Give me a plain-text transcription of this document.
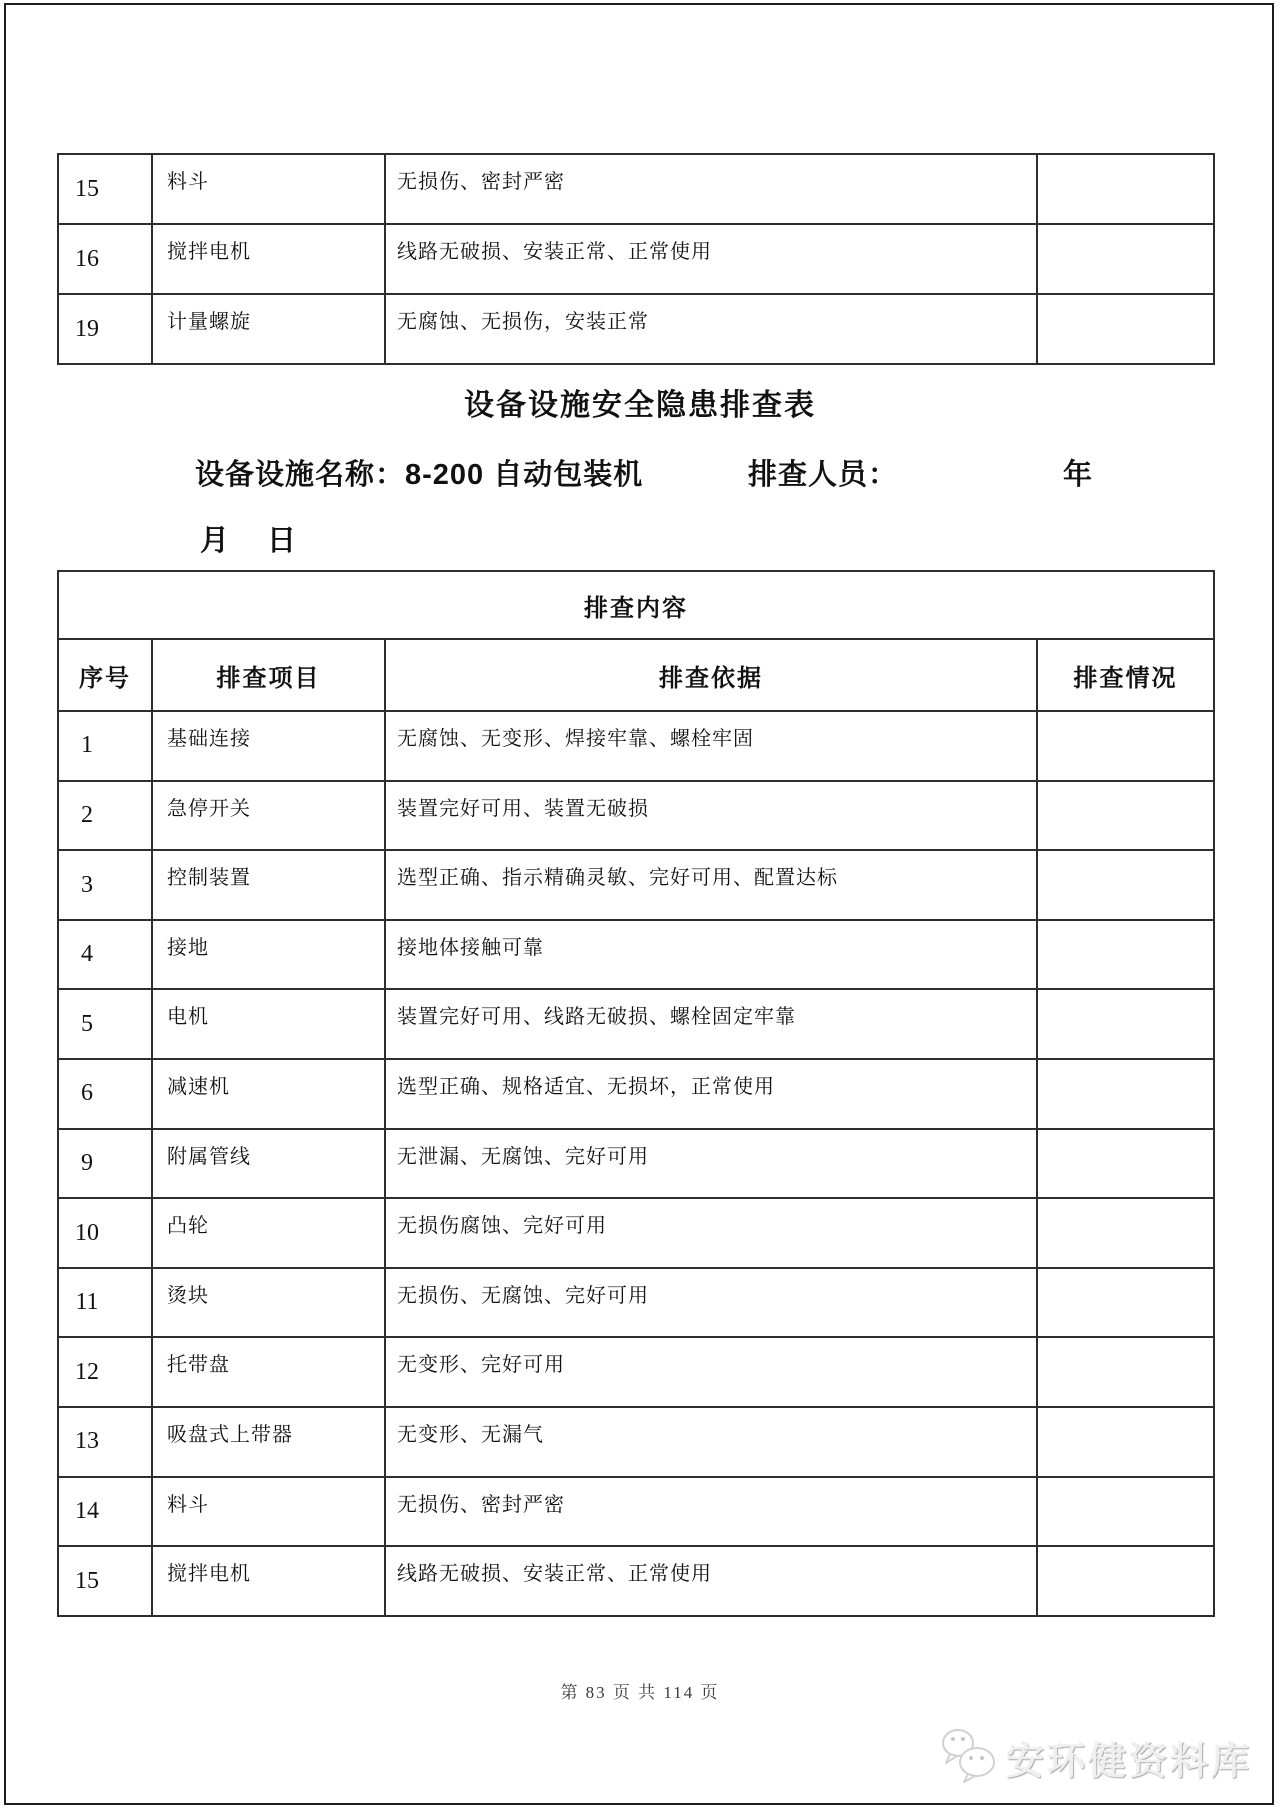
15	料斗	无损伤、密封严密	
16	搅拌电机	线路无破损、安装正常、正常使用	
19	计量螺旋	无腐蚀、无损伤，安装正常	
设备设施安全隐患排查表
设备设施名称：8-200 自动包装机	排查人员：	年
月 日
排查内容			
序号	排查项目	排查依据	排查情况
1	基础连接	无腐蚀、无变形、焊接牢靠、螺栓牢固	
2	急停开关	装置完好可用、装置无破损	
3	控制装置	选型正确、指示精确灵敏、完好可用、配置达标	
4	接地	接地体接触可靠	
5	电机	装置完好可用、线路无破损、螺栓固定牢靠	
6	减速机	选型正确、规格适宜、无损坏，正常使用	
9	附属管线	无泄漏、无腐蚀、完好可用	
10	凸轮	无损伤腐蚀、完好可用	
11	烫块	无损伤、无腐蚀、完好可用	
12	托带盘	无变形、完好可用	
13	吸盘式上带器	无变形、无漏气	
14	料斗	无损伤、密封严密	
15	搅拌电机	线路无破损、安装正常、正常使用	
第 83 页 共 114 页
安环健资料库
